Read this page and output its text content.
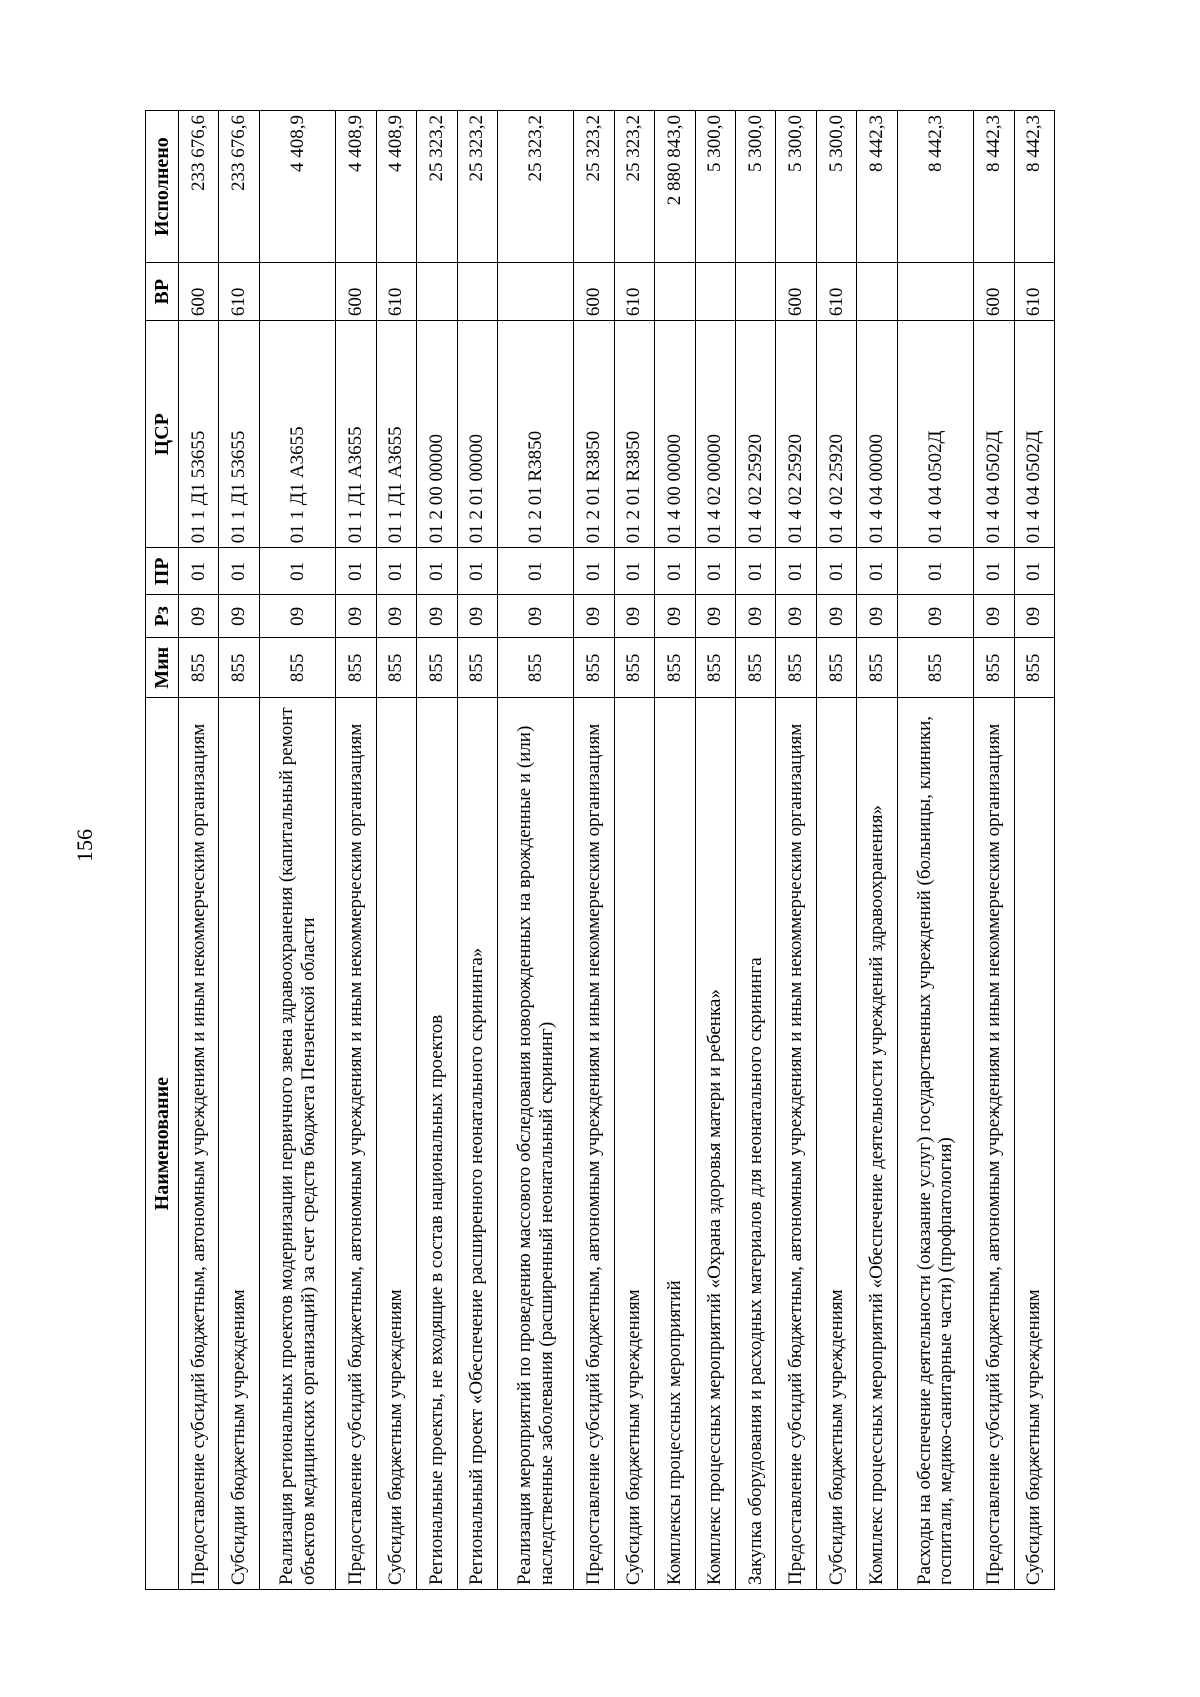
156
Наименование	Мин	Рз	ПР	ЦСР	ВР	Исполнено
Предоставление субсидий бюджетным, автономным учреждениям и иным некоммерческим организациям	855	09	01	01 1 Д1 53655	600	233 676,6
Субсидии бюджетным учреждениям	855	09	01	01 1 Д1 53655	610	233 676,6
Реализация региональных проектов модернизации первичного звена здравоохранения (капитальный ремонт объектов медицинских организаций) за счет средств бюджета Пензенской области	855	09	01	01 1 Д1 А3655		4 408,9
Предоставление субсидий бюджетным, автономным учреждениям и иным некоммерческим организациям	855	09	01	01 1 Д1 А3655	600	4 408,9
Субсидии бюджетным учреждениям	855	09	01	01 1 Д1 А3655	610	4 408,9
Региональные проекты, не входящие в состав национальных проектов	855	09	01	01 2 00 00000		25 323,2
Региональный проект «Обеспечение расширенного неонатального скрининга»	855	09	01	01 2 01 00000		25 323,2
Реализация мероприятий по проведению массового обследования новорожденных на врожденные и (или) наследственные заболевания (расширенный неонатальный скрининг)	855	09	01	01 2 01 R3850		25 323,2
Предоставление субсидий бюджетным, автономным учреждениям и иным некоммерческим организациям	855	09	01	01 2 01 R3850	600	25 323,2
Субсидии бюджетным учреждениям	855	09	01	01 2 01 R3850	610	25 323,2
Комплексы процессных мероприятий	855	09	01	01 4 00 00000		2 880 843,0
Комплекс процессных мероприятий «Охрана здоровья матери и ребенка»	855	09	01	01 4 02 00000		5 300,0
Закупка оборудования и расходных материалов для неонатального скрининга	855	09	01	01 4 02 25920		5 300,0
Предоставление субсидий бюджетным, автономным учреждениям и иным некоммерческим организациям	855	09	01	01 4 02 25920	600	5 300,0
Субсидии бюджетным учреждениям	855	09	01	01 4 02 25920	610	5 300,0
Комплекс процессных мероприятий «Обеспечение деятельности учреждений здравоохранения»	855	09	01	01 4 04 00000		8 442,3
Расходы на обеспечение деятельности (оказание услуг) государственных учреждений (больницы, клиники, госпитали, медико-санитарные части) (профпатология)	855	09	01	01 4 04 0502Д		8 442,3
Предоставление субсидий бюджетным, автономным учреждениям и иным некоммерческим организациям	855	09	01	01 4 04 0502Д	600	8 442,3
Субсидии бюджетным учреждениям	855	09	01	01 4 04 0502Д	610	8 442,3
